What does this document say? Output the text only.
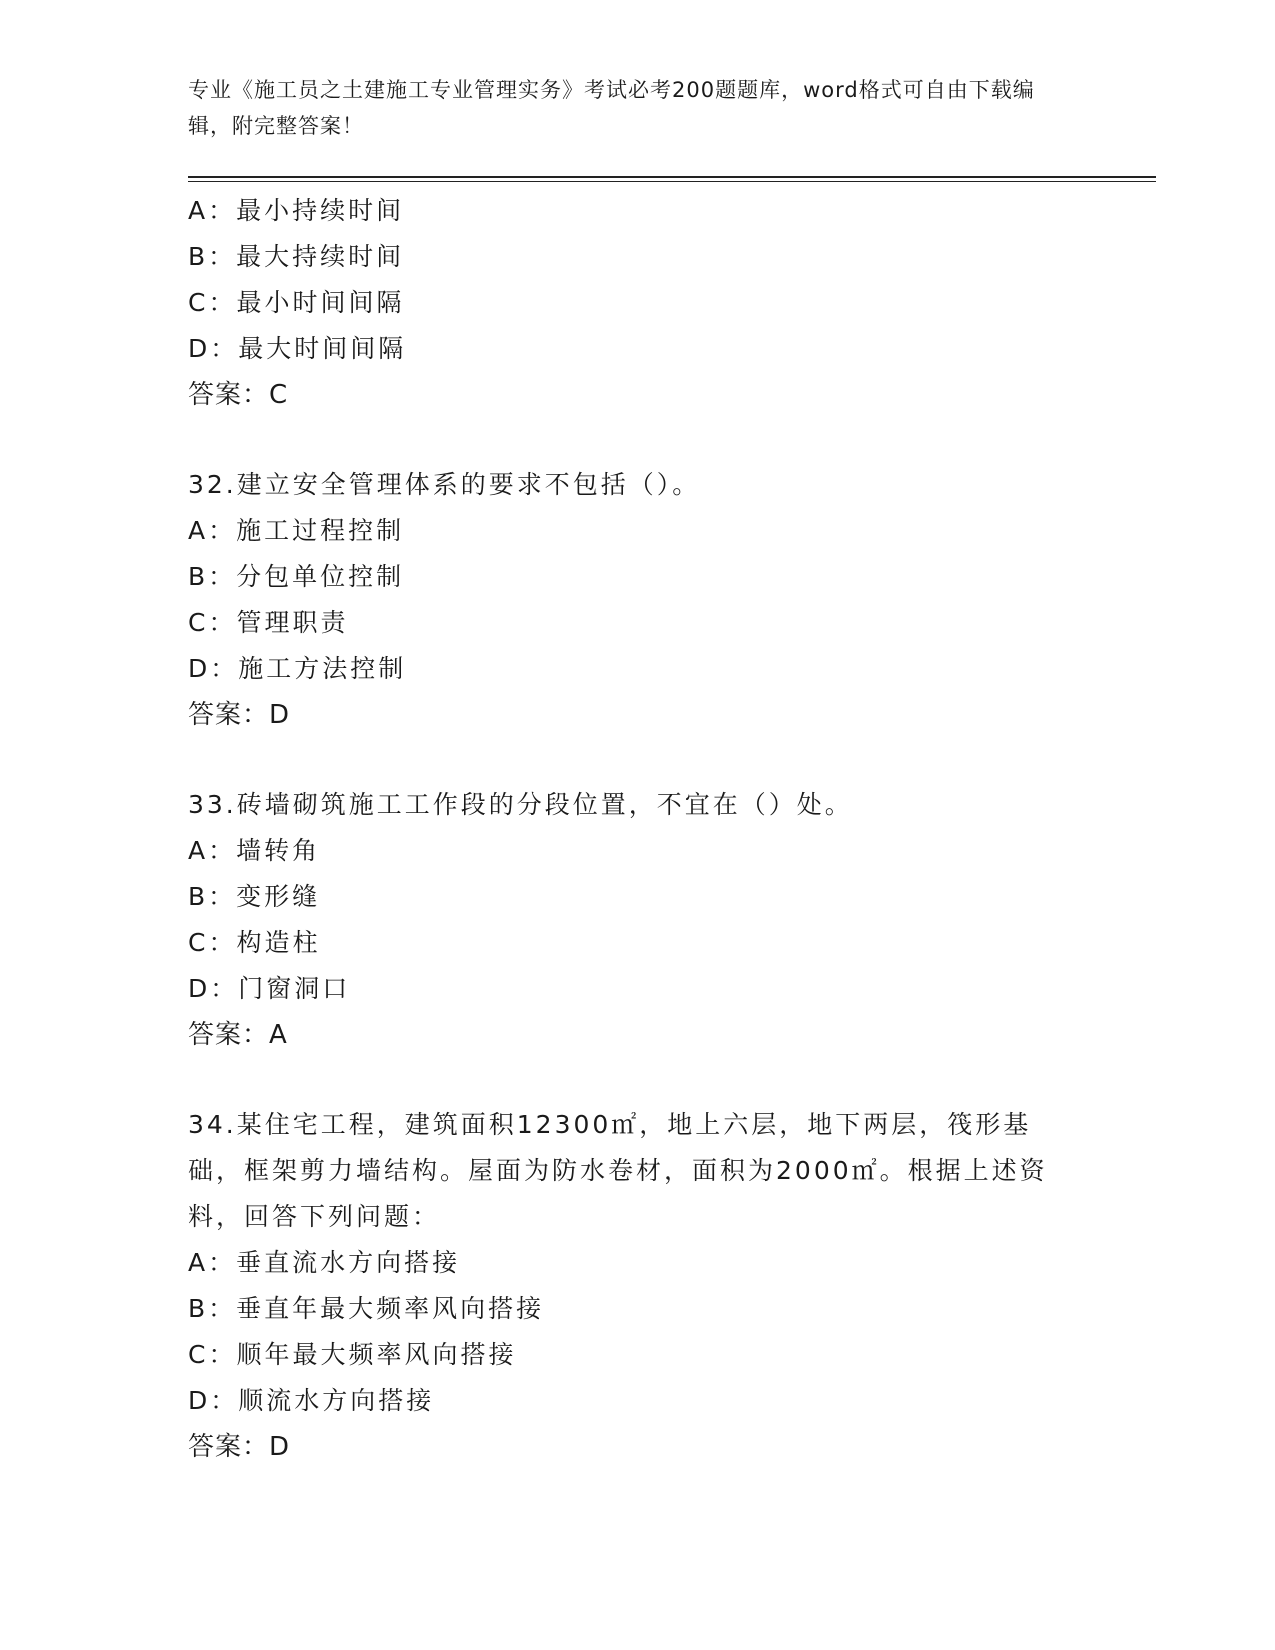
专业《施工员之土建施工专业管理实务》考试必考200题题库，word格式可自由下载编辑，附完整答案！
A：最小持续时间
B：最大持续时间
C：最小时间间隔
D：最大时间间隔
答案：C
32.建立安全管理体系的要求不包括（）。
A：施工过程控制
B：分包单位控制
C：管理职责
D：施工方法控制
答案：D
33.砖墙砌筑施工工作段的分段位置，不宜在（）处。
A：墙转角
B：变形缝
C：构造柱
D：门窗洞口
答案：A
34.某住宅工程，建筑面积12300㎡，地上六层，地下两层，筏形基础，框架剪力墙结构。屋面为防水卷材，面积为2000㎡。根据上述资料，回答下列问题：
A：垂直流水方向搭接
B：垂直年最大频率风向搭接
C：顺年最大频率风向搭接
D：顺流水方向搭接
答案：D
